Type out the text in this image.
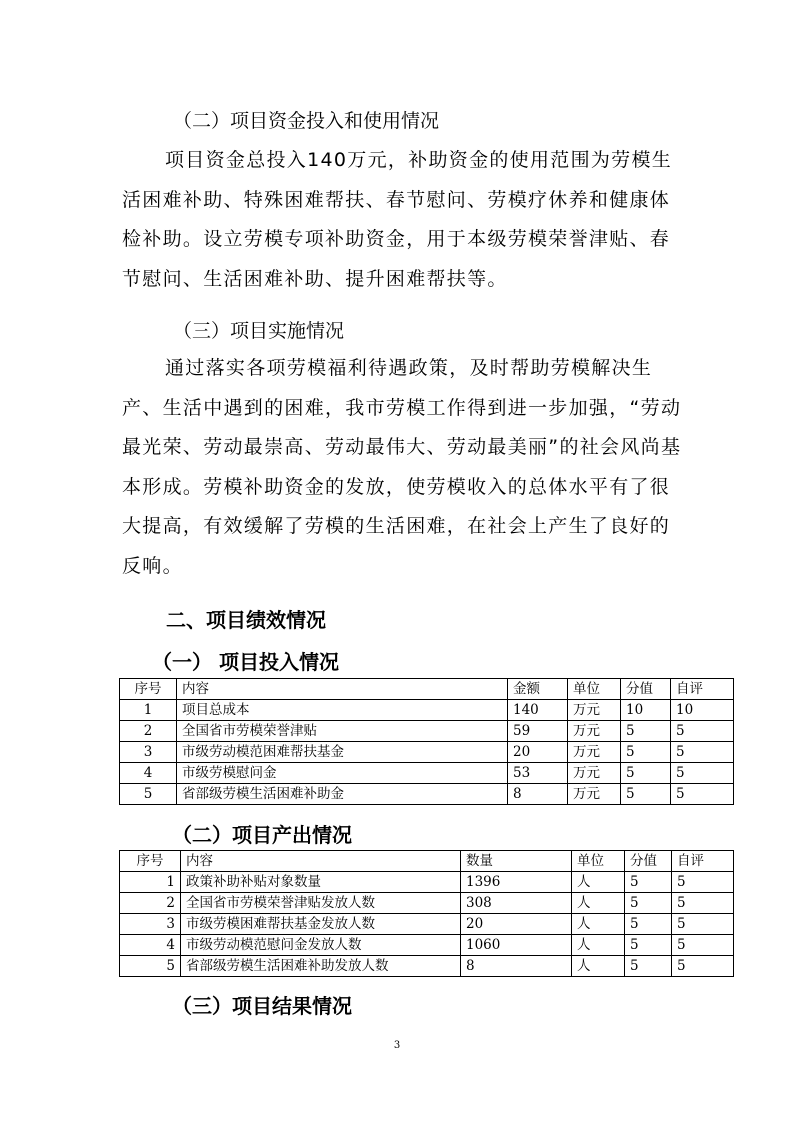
（二）项目资金投入和使用情况

项目资金总投入140万元，补助资金的使用范围为劳模生活困难补助、特殊困难帮扶、春节慰问、劳模疗休养和健康体检补助。设立劳模专项补助资金，用于本级劳模荣誉津贴、春节慰问、生活困难补助、提升困难帮扶等。

（三）项目实施情况

通过落实各项劳模福利待遇政策，及时帮助劳模解决生产、生活中遇到的困难，我市劳模工作得到进一步加强，“劳动最光荣、劳动最崇高、劳动最伟大、劳动最美丽”的社会风尚基本形成。劳模补助资金的发放，使劳模收入的总体水平有了很大提高，有效缓解了劳模的生活困难，在社会上产生了良好的反响。

二、项目绩效情况
（一） 项目投入情况
序号	内容	金额	单位	分值	自评
1	项目总成本	140	万元	10	10
2	全国省市劳模荣誉津贴	59	万元	5	5
3	市级劳动模范困难帮扶基金	20	万元	5	5
4	市级劳模慰问金	53	万元	5	5
5	省部级劳模生活困难补助金	8	万元	5	5
（二）项目产出情况
序号	内容	数量	单位	分值	自评
1	政策补助补贴对象数量	1396	人	5	5
2	全国省市劳模荣誉津贴发放人数	308	人	5	5
3	市级劳模困难帮扶基金发放人数	20	人	5	5
4	市级劳动模范慰问金发放人数	1060	人	5	5
5	省部级劳模生活困难补助发放人数	8	人	5	5
（三）项目结果情况
3
